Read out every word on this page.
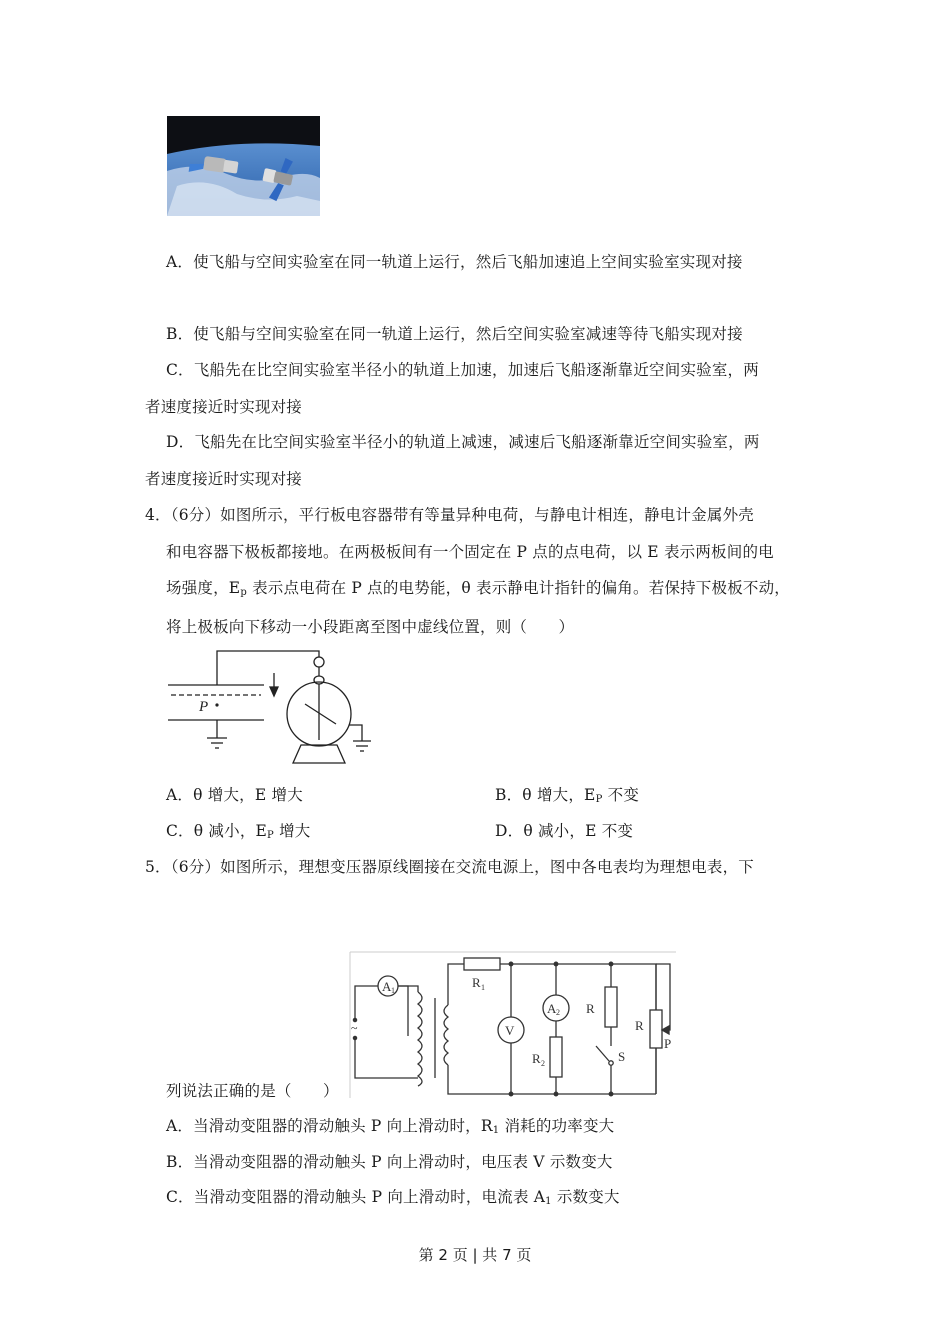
A．使飞船与空间实验室在同一轨道上运行，然后飞船加速追上空间实验室实现对接
B．使飞船与空间实验室在同一轨道上运行，然后空间实验室减速等待飞船实现对接
C．飞船先在比空间实验室半径小的轨道上加速，加速后飞船逐渐靠近空间实验室，两
者速度接近时实现对接
D．飞船先在比空间实验室半径小的轨道上减速，减速后飞船逐渐靠近空间实验室，两
者速度接近时实现对接
4．（6分）如图所示，平行板电容器带有等量异种电荷，与静电计相连，静电计金属外壳
和电容器下极板都接地。在两极板间有一个固定在 P 点的点电荷，以 E 表示两板间的电
场强度，$E_p$ 表示点电荷在 P 点的电势能，θ 表示静电计指针的偏角。若保持下极板不动，
将上极板向下移动一小段距离至图中虚线位置，则（　　）
P
A．θ 增大，E 增大	B．θ 增大，$E_P$ 不变
C．θ 减小，$E_P$ 增大	D．θ 减小，E 不变
5．（6分）如图所示，理想变压器原线圈接在交流电源上，图中各电表均为理想电表，下
A 1
~
R 1
V
A 2
R 2
R
S
R
P
列说法正确的是（　　）
A．当滑动变阻器的滑动触头 P 向上滑动时，$R_1$ 消耗的功率变大
B．当滑动变阻器的滑动触头 P 向上滑动时，电压表 V 示数变大
C．当滑动变阻器的滑动触头 P 向上滑动时，电流表 $A_1$ 示数变大
第 2 页 | 共 7 页
